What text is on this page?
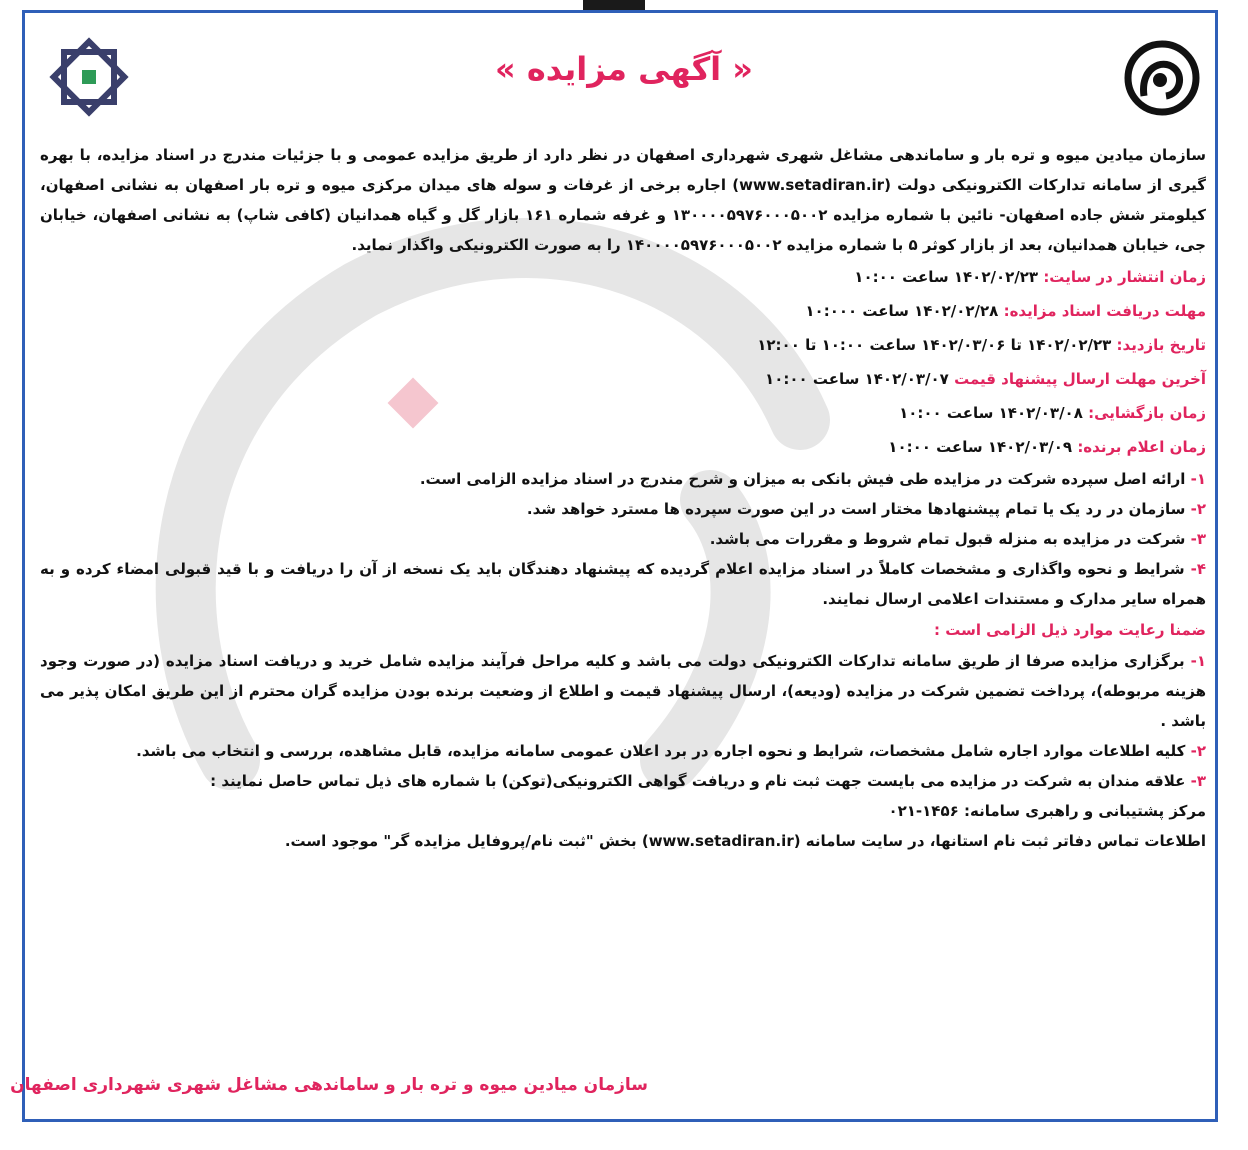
« آگهی مزایده »

سازمان میادین میوه و تره بار و ساماندهی مشاغل شهری شهرداری اصفهان در نظر دارد از طریق مزایده عمومی و با جزئیات مندرج در اسناد مزایده، با بهره گیری از سامانه تدارکات الکترونیکی دولت (www.setadiran.ir) اجاره برخی از غرفات و سوله های میدان مرکزی میوه و تره بار اصفهان به نشانی اصفهان، کیلومتر شش جاده اصفهان- نائین با شماره مزایده ۱۳۰۰۰۰۵۹۷۶۰۰۰۵۰۰۲ و غرفه شماره ۱۶۱ بازار گل و گیاه همدانیان (کافی شاپ) به نشانی اصفهان، خیابان جی، خیابان همدانیان، بعد از بازار کوثر ۵ با شماره مزایده ۱۴۰۰۰۰۵۹۷۶۰۰۰۵۰۰۲ را به صورت الکترونیکی واگذار نماید.

زمان انتشار در سایت: ۱۴۰۲/۰۲/۲۳ ساعت ۱۰:۰۰
مهلت دریافت اسناد مزایده: ۱۴۰۲/۰۲/۲۸ ساعت ۱۰:۰۰۰
تاریخ بازدید: ۱۴۰۲/۰۲/۲۳ تا ۱۴۰۲/۰۳/۰۶ ساعت ۱۰:۰۰ تا ۱۲:۰۰
آخرین مهلت ارسال پیشنهاد قیمت ۱۴۰۲/۰۳/۰۷ ساعت ۱۰:۰۰
زمان بازگشایی: ۱۴۰۲/۰۳/۰۸ ساعت ۱۰:۰۰
زمان اعلام برنده: ۱۴۰۲/۰۳/۰۹ ساعت ۱۰:۰۰

۱- ارائه اصل سپرده شرکت در مزایده طی فیش بانکی به میزان و شرح مندرج در اسناد مزایده الزامی است.

۲- سازمان در رد یک یا تمام پیشنهادها مختار است در این صورت سپرده ها مسترد خواهد شد.

۳- شرکت در مزایده به منزله قبول تمام شروط و مقررات می باشد.

۴- شرایط و نحوه واگذاری و مشخصات کاملاً در اسناد مزایده اعلام گردیده که پیشنهاد دهندگان باید یک نسخه از آن را دریافت و با قید قبولی امضاء کرده و به همراه سایر مدارک و مستندات اعلامی ارسال نمایند.

ضمنا رعایت موارد ذیل الزامی است :

۱- برگزاری مزایده صرفا از طریق سامانه تدارکات الکترونیکی دولت می باشد و کلیه مراحل فرآیند مزایده شامل خرید و دریافت اسناد مزایده (در صورت وجود هزینه مربوطه)، پرداخت تضمین شرکت در مزایده (ودیعه)، ارسال پیشنهاد قیمت و اطلاع از وضعیت برنده بودن مزایده گران محترم از این طریق امکان پذیر می باشد .

۲- کلیه اطلاعات موارد اجاره شامل مشخصات، شرایط و نحوه اجاره در برد اعلان عمومی سامانه مزایده، قابل مشاهده، بررسی و انتخاب می باشد.

۳- علاقه مندان به شرکت در مزایده می بایست جهت ثبت نام و دریافت گواهی الکترونیکی(توکن) با شماره های ذیل تماس حاصل نمایند :

مرکز پشتیبانی و راهبری سامانه: ۱۴۵۶-۰۲۱

اطلاعات تماس دفاتر ثبت نام استانها، در سایت سامانه (www.setadiran.ir) بخش "ثبت نام/پروفایل مزایده گر" موجود است.

سازمان میادین میوه و تره بار و ساماندهی مشاغل شهری شهرداری اصفهان
